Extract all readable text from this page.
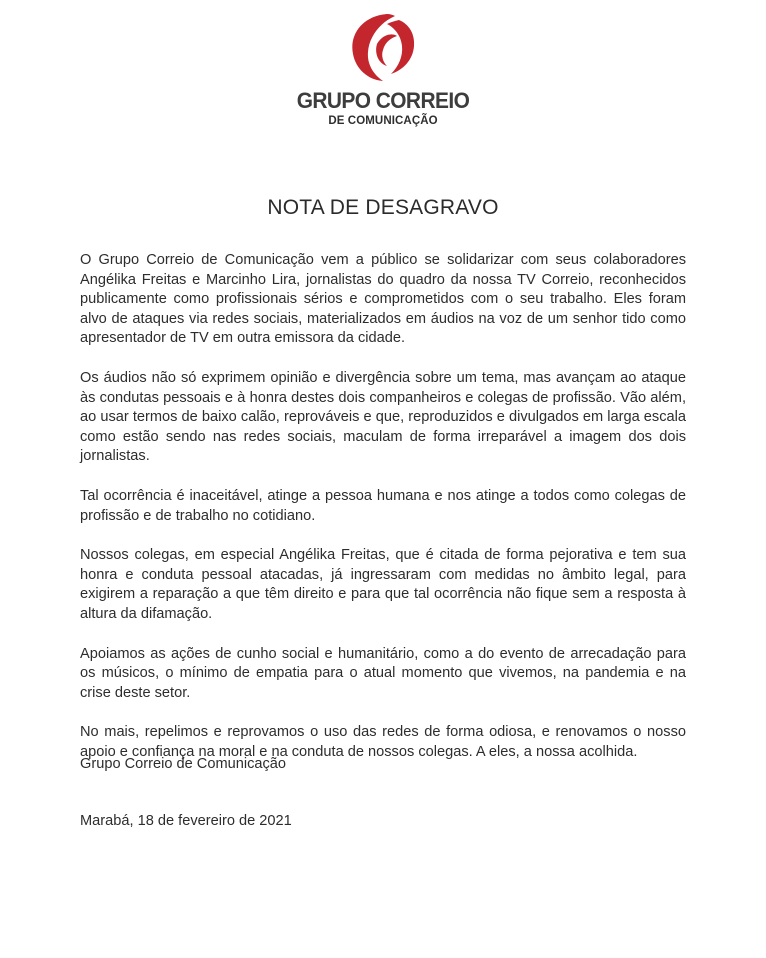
GRUPO CORREIO
DE COMUNICAÇÃO
NOTA DE DESAGRAVO

O Grupo Correio de Comunicação vem a público se solidarizar com seus colaboradores Angélika Freitas e Marcinho Lira, jornalistas do quadro da nossa TV Correio, reconhecidos publicamente como profissionais sérios e comprometidos com o seu trabalho. Eles foram alvo de ataques via redes sociais, materializados em áudios na voz de um senhor tido como apresentador de TV em outra emissora da cidade.

Os áudios não só exprimem opinião e divergência sobre um tema, mas avançam ao ataque às condutas pessoais e à honra destes dois companheiros e colegas de profissão. Vão além, ao usar termos de baixo calão, reprováveis e que, reproduzidos e divulgados em larga escala como estão sendo nas redes sociais, maculam de forma irreparável a imagem dos dois jornalistas.

Tal ocorrência é inaceitável, atinge a pessoa humana e nos atinge a todos como colegas de profissão e de trabalho no cotidiano.

Nossos colegas, em especial Angélika Freitas, que é citada de forma pejorativa e tem sua honra e conduta pessoal atacadas, já ingressaram com medidas no âmbito legal, para exigirem a reparação a que têm direito e para que tal ocorrência não fique sem a resposta à altura da difamação.

Apoiamos as ações de cunho social e humanitário, como a do evento de arrecadação para os músicos, o mínimo de empatia para o atual momento que vivemos, na pandemia e na crise deste setor.

No mais, repelimos e reprovamos o uso das redes de forma odiosa, e renovamos o nosso apoio e confiança na moral e na conduta de nossos colegas. A eles, a nossa acolhida.

Grupo Correio de Comunicação
Marabá, 18 de fevereiro de 2021
